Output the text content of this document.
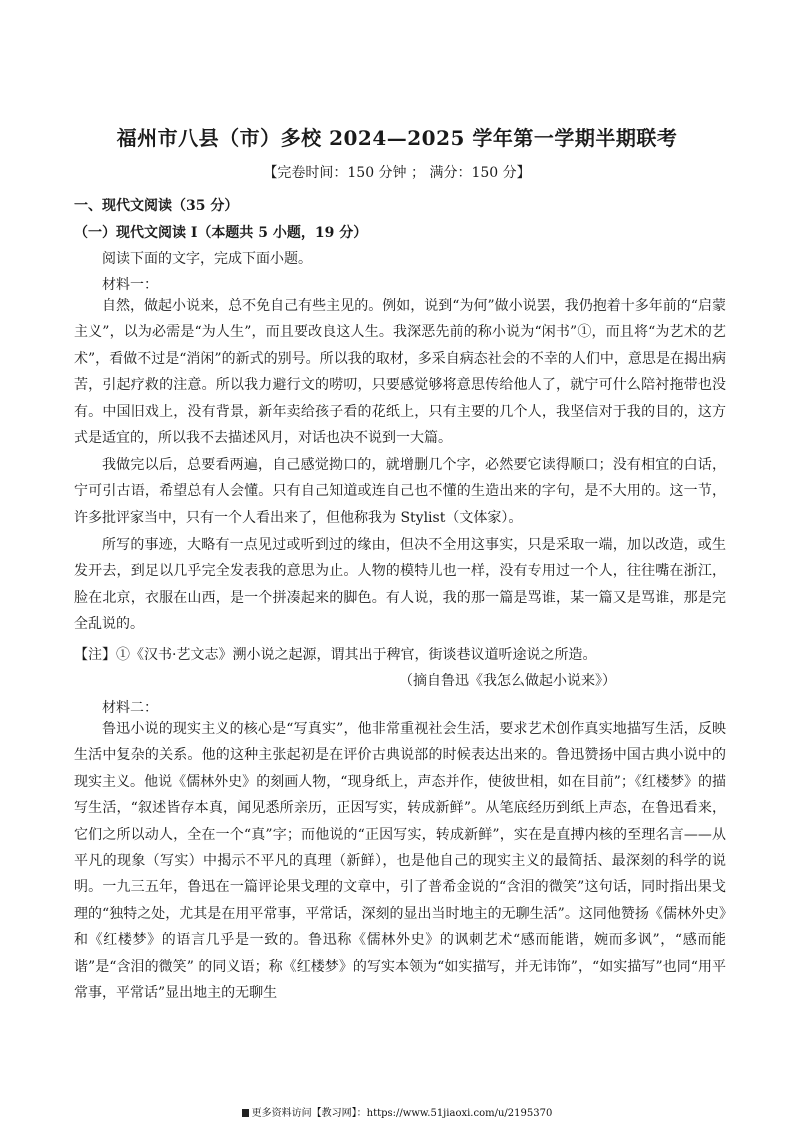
福州市八县（市）多校 2024—2025 学年第一学期半期联考
【完卷时间：150 分钟 ； 满分：150 分】
一、现代文阅读（35 分）
（一）现代文阅读 I（本题共 5 小题，19 分）
阅读下面的文字，完成下面小题。
材料一：
自然，做起小说来，总不免自己有些主见的。例如，说到“为何”做小说罢，我仍抱着十多年前的“启蒙主义”，以为必需是“为人生”，而且要改良这人生。我深恶先前的称小说为“闲书”①，而且将“为艺术的艺术”，看做不过是“消闲”的新式的别号。所以我的取材，多采自病态社会的不幸的人们中，意思是在揭出病苦，引起疗救的注意。所以我力避行文的唠叨，只要感觉够将意思传给他人了，就宁可什么陪衬拖带也没有。中国旧戏上，没有背景，新年卖给孩子看的花纸上，只有主要的几个人，我坚信对于我的目的，这方式是适宜的，所以我不去描述风月，对话也决不说到一大篇。
我做完以后，总要看两遍，自己感觉拗口的，就增删几个字，必然要它读得顺口；没有相宜的白话，宁可引古语，希望总有人会懂。只有自己知道或连自己也不懂的生造出来的字句，是不大用的。这一节，许多批评家当中，只有一个人看出来了，但他称我为 Stylist（文体家）。
所写的事迹，大略有一点见过或听到过的缘由，但决不全用这事实，只是采取一端，加以改造，或生发开去，到足以几乎完全发表我的意思为止。人物的模特儿也一样，没有专用过一个人，往往嘴在浙江，脸在北京，衣服在山西，是一个拼凑起来的脚色。有人说，我的那一篇是骂谁，某一篇又是骂谁，那是完全乱说的。
【注】①《汉书·艺文志》溯小说之起源，谓其出于稗官，街谈巷议道听途说之所造。
（摘自鲁迅《我怎么做起小说来》）
材料二：
鲁迅小说的现实主义的核心是“写真实”，他非常重视社会生活，要求艺术创作真实地描写生活，反映生活中复杂的关系。他的这种主张起初是在评价古典说部的时候表达出来的。鲁迅赞扬中国古典小说中的现实主义。他说《儒林外史》的刻画人物，“现身纸上，声态并作，使彼世相，如在目前”；《红楼梦》的描写生活，“叙述皆存本真，闻见悉所亲历，正因写实，转成新鲜”。从笔底经历到纸上声态，在鲁迅看来，它们之所以动人，全在一个“真”字；而他说的“正因写实，转成新鲜”，实在是直搏内核的至理名言——从平凡的现象（写实）中揭示不平凡的真理（新鲜），也是他自己的现实主义的最简括、最深刻的科学的说明。一九三五年，鲁迅在一篇评论果戈理的文章中，引了普希金说的“含泪的微笑”这句话，同时指出果戈理的“独特之处，尤其是在用平常事，平常话，深刻的显出当时地主的无聊生活”。这同他赞扬《儒林外史》和《红楼梦》的语言几乎是一致的。鲁迅称《儒林外史》的讽刺艺术“感而能谐，婉而多讽”，“感而能谐”是“含泪的微笑” 的同义语；称《红楼梦》的写实本领为“如实描写，并无讳饰”，“如实描写”也同“用平常事，平常话”显出地主的无聊生
更多资料访问【教习网】：https://www.51jiaoxi.com/u/2195370
